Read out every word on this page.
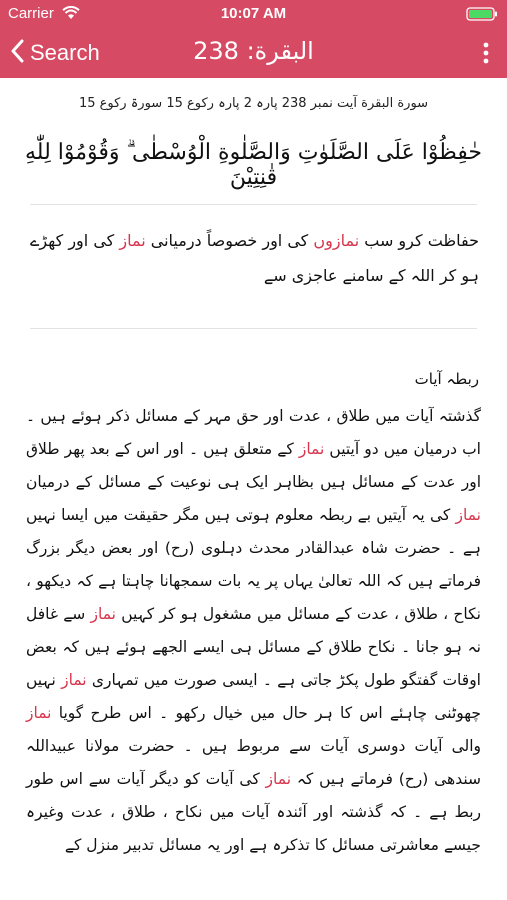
Carrier	10:07 AM
Search	البقرة: 238
سورة البقرة آیت نمبر 238 پارہ 2 پارہ رکوع 15 سورۃ رکوع 15
حٰفِظُوْا عَلَى الصَّلَوٰتِ وَالصَّلٰوةِ الْوُسْطٰى ۗ وَقُوْمُوْا لِلّٰهِ قٰنِتِيْنَ
حفاظت کرو سب نمازوں کی اور خصوصاً درمیانی نماز کی اور کھڑے ہو کر اللہ کے سامنے عاجزی سے
ربطہ آیات
گذشتہ آیات میں طلاق ، عدت اور حق مہر کے مسائل ذکر ہوئے ہیں ۔ اب درمیان میں دو آیتیں نماز کے متعلق ہیں ۔ اور اس کے بعد پھر طلاق اور عدت کے مسائل ہیں بظاہر ایک ہی نوعیت کے مسائل کے درمیان نماز کی یہ آیتیں بے ربطہ معلوم ہوتی ہیں مگر حقیقت میں ایسا نہیں ہے ۔ حضرت شاہ عبدالقادر محدث دہلوی (رح) اور بعض دیگر بزرگ فرماتے ہیں کہ اللہ تعالیٰ یہاں پر یہ بات سمجھانا چاہتا ہے کہ دیکھو ، نکاح ، طلاق ، عدت کے مسائل میں مشغول ہو کر کہیں نماز سے غافل نہ ہو جانا ۔ نکاح طلاق کے مسائل ہی ایسے الجھے ہوئے ہیں کہ بعض اوقات گفتگو طول پکڑ جاتی ہے ۔ ایسی صورت میں تمہاری نماز نہیں چھوٹنی چاہئے اس کا ہر حال میں خیال رکھو ۔ اس طرح گویا نماز والی آیات دوسری آیات سے مربوط ہیں ۔ حضرت مولانا عبیداللہ سندھی (رح) فرماتے ہیں کہ نماز کی آیات کو دیگر آیات سے اس طور ربط ہے ۔ کہ گذشتہ اور آئندہ آیات میں نکاح ، طلاق ، عدت وغیرہ جیسے معاشرتی مسائل کا تذکرہ ہے اور یہ مسائل تدبیر منزل کے
